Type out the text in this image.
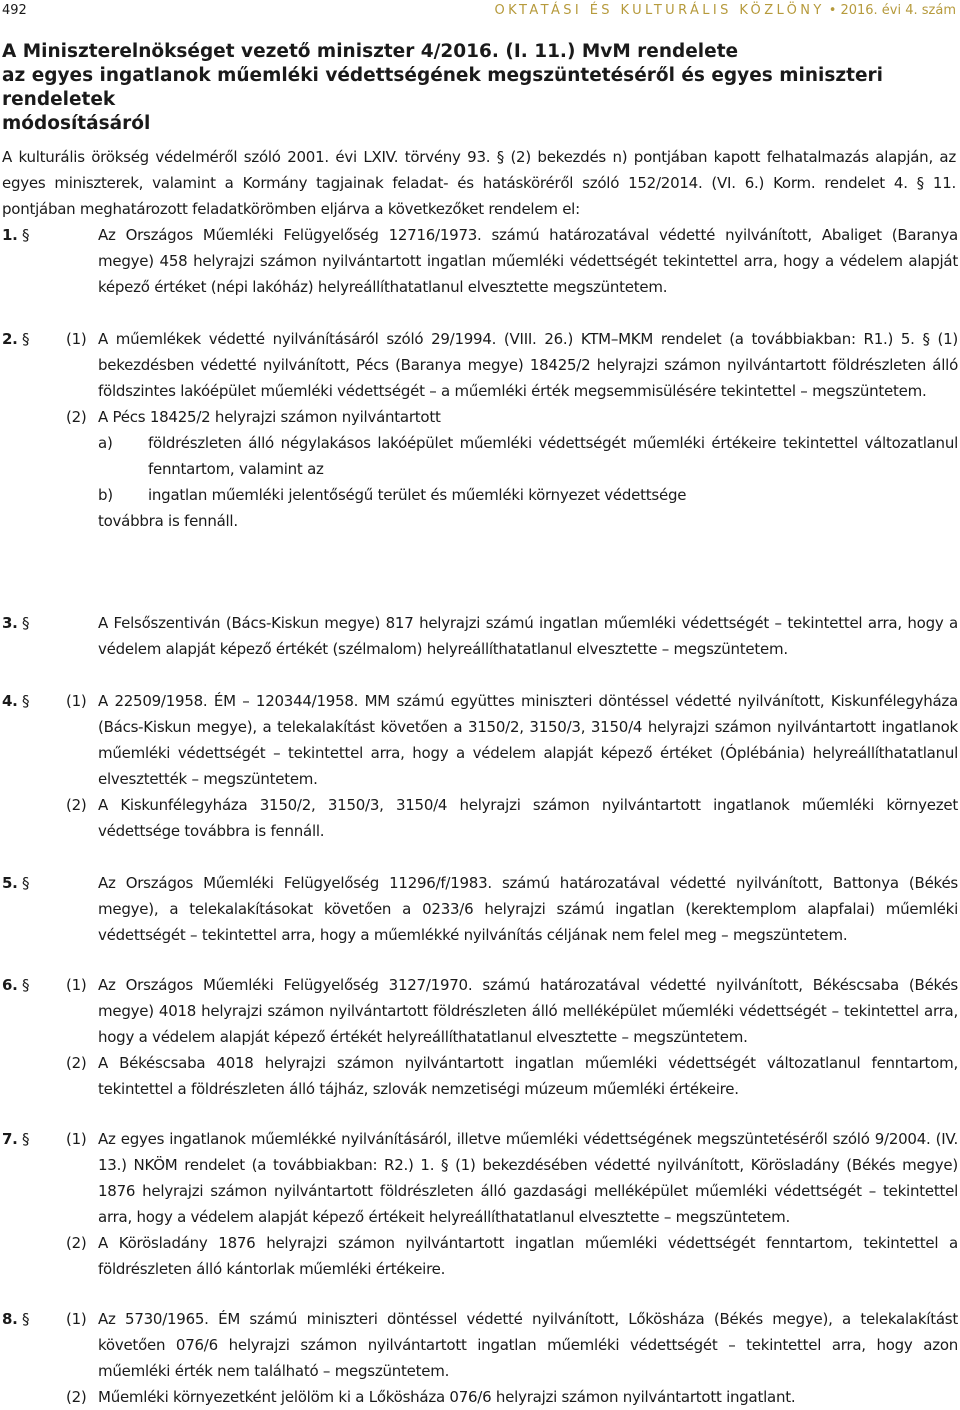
492	OKTATÁSI ÉS KULTURÁLIS KÖZLÖNY • 2016. évi 4. szám
A Miniszterelnökséget vezető miniszter 4/2016. (I. 11.) MvM rendelete
az egyes ingatlanok műemléki védettségének megszüntetéséről és egyes miniszteri rendeletek
módosításáról

A kulturális örökség védelméről szóló 2001. évi LXIV. törvény 93. § (2) bekezdés n) pontjában kapott felhatalmazás alapján, az egyes miniszterek, valamint a Kormány tagjainak feladat- és hatásköréről szóló 152/2014. (VI. 6.) Korm. rendelet 4. § 11. pontjában meghatározott feladatkörömben eljárva a következőket rendelem el:

1. §	Az Országos Műemléki Felügyelőség 12716/1973. számú határozatával védetté nyilvánított, Abaliget (Baranya megye) 458 helyrajzi számon nyilvántartott ingatlan műemléki védettségét tekintettel arra, hogy a védelem alapját képező értéket (népi lakóház) helyreállíthatatlanul elvesztette megszüntetem.
2. § (1) A műemlékek védetté nyilvánításáról szóló 29/1994. (VIII. 26.) KTM–MKM rendelet (a továbbiakban: R1.) 5. § (1) bekezdésben védetté nyilvánított, Pécs (Baranya megye) 18425/2 helyrajzi számon nyilvántartott földrészleten álló földszintes lakóépület műemléki védettségét – a műemléki érték megsemmisülésére tekintettel – megszüntetem.
(2) A Pécs 18425/2 helyrajzi számon nyilvántartott
a) földrészleten álló négylakásos lakóépület műemléki védettségét műemléki értékeire tekintettel változatlanul fenntartom, valamint az
b) ingatlan műemléki jelentőségű terület és műemléki környezet védettsége
továbbra is fennáll.
3. §	A Felsőszentiván (Bács-Kiskun megye) 817 helyrajzi számú ingatlan műemléki védettségét – tekintettel arra, hogy a védelem alapját képező értékét (szélmalom) helyreállíthatatlanul elvesztette – megszüntetem.
4. § (1) A 22509/1958. ÉM – 120344/1958. MM számú együttes miniszteri döntéssel védetté nyilvánított, Kiskunfélegyháza (Bács-Kiskun megye), a telekalakítást követően a 3150/2, 3150/3, 3150/4 helyrajzi számon nyilvántartott ingatlanok műemléki védettségét – tekintettel arra, hogy a védelem alapját képező értéket (Óplébánia) helyreállíthatatlanul elvesztették – megszüntetem.
(2) A Kiskunfélegyháza 3150/2, 3150/3, 3150/4 helyrajzi számon nyilvántartott ingatlanok műemléki környezet védettsége továbbra is fennáll.
5. §	Az Országos Műemléki Felügyelőség 11296/f/1983. számú határozatával védetté nyilvánított, Battonya (Békés megye), a telekalakításokat követően a 0233/6 helyrajzi számú ingatlan (kerektemplom alapfalai) műemléki védettségét – tekintettel arra, hogy a műemlékké nyilvánítás céljának nem felel meg – megszüntetem.
6. § (1) Az Országos Műemléki Felügyelőség 3127/1970. számú határozatával védetté nyilvánított, Békéscsaba (Békés megye) 4018 helyrajzi számon nyilvántartott földrészleten álló melléképület műemléki védettségét – tekintettel arra, hogy a védelem alapját képező értékét helyreállíthatatlanul elvesztette – megszüntetem.
(2) A Békéscsaba 4018 helyrajzi számon nyilvántartott ingatlan műemléki védettségét változatlanul fenntartom, tekintettel a földrészleten álló tájház, szlovák nemzetiségi múzeum műemléki értékeire.
7. § (1) Az egyes ingatlanok műemlékké nyilvánításáról, illetve műemléki védettségének megszüntetéséről szóló 9/2004. (IV. 13.) NKÖM rendelet (a továbbiakban: R2.) 1. § (1) bekezdésében védetté nyilvánított, Körösladány (Békés megye) 1876 helyrajzi számon nyilvántartott földrészleten álló gazdasági melléképület műemléki védettségét – tekintettel arra, hogy a védelem alapját képező értékeit helyreállíthatatlanul elvesztette – megszüntetem.
(2) A Körösladány 1876 helyrajzi számon nyilvántartott ingatlan műemléki védettségét fenntartom, tekintettel a földrészleten álló kántorlak műemléki értékeire.
8. § (1) Az 5730/1965. ÉM számú miniszteri döntéssel védetté nyilvánított, Lőkösháza (Békés megye), a telekalakítást követően 076/6 helyrajzi számon nyilvántartott ingatlan műemléki védettségét – tekintettel arra, hogy azon műemléki érték nem található – megszüntetem.
(2) Műemléki környezetként jelölöm ki a Lőkösháza 076/6 helyrajzi számon nyilvántartott ingatlant.
